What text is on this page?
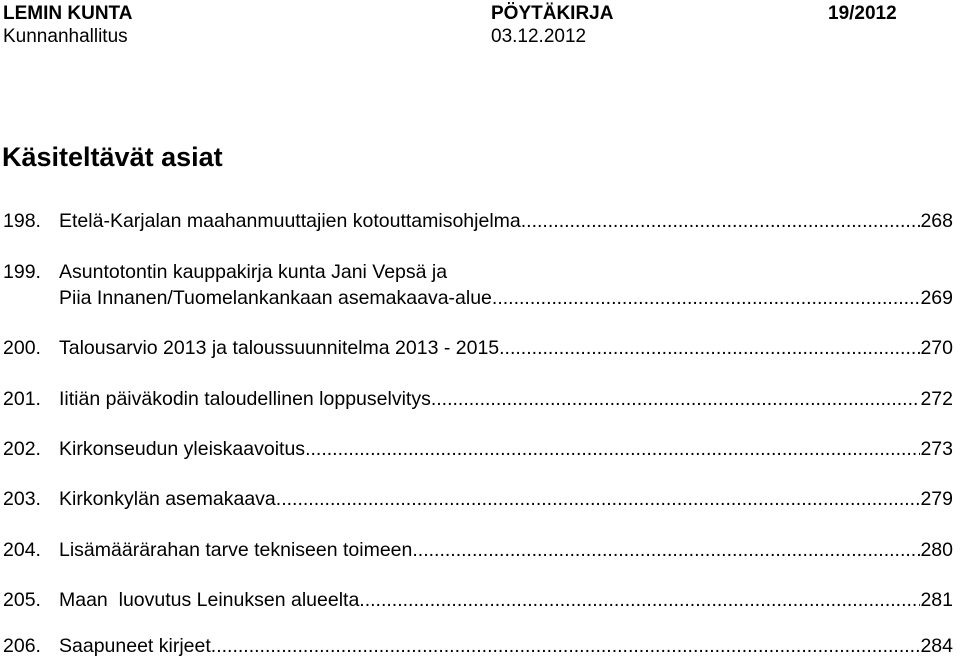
LEMIN KUNTA	PÖYTÄKIRJA	19/2012
Kunnanhallitus	03.12.2012
Käsiteltävät asiat
198. Etelä-Karjalan maahanmuuttajien kotouttamisohjelma .....	268
199. Asuntotontin kauppakirja kunta Jani Vepsä ja
Piia Innanen/Tuomelankankaan asemakaava-alue .....	269
200. Talousarvio 2013 ja taloussuunnitelma 2013 - 2015 .....	270
201. Iitiän päiväkodin taloudellinen loppuselvitys .....	272
202. Kirkonseudun yleiskaavoitus .....	273
203. Kirkonkylän asemakaava .....	279
204. Lisämäärärahan tarve tekniseen toimeen .....	280
205. Maan  luovutus Leinuksen alueelta .....	281
206. Saapuneet kirjeet .....	284
